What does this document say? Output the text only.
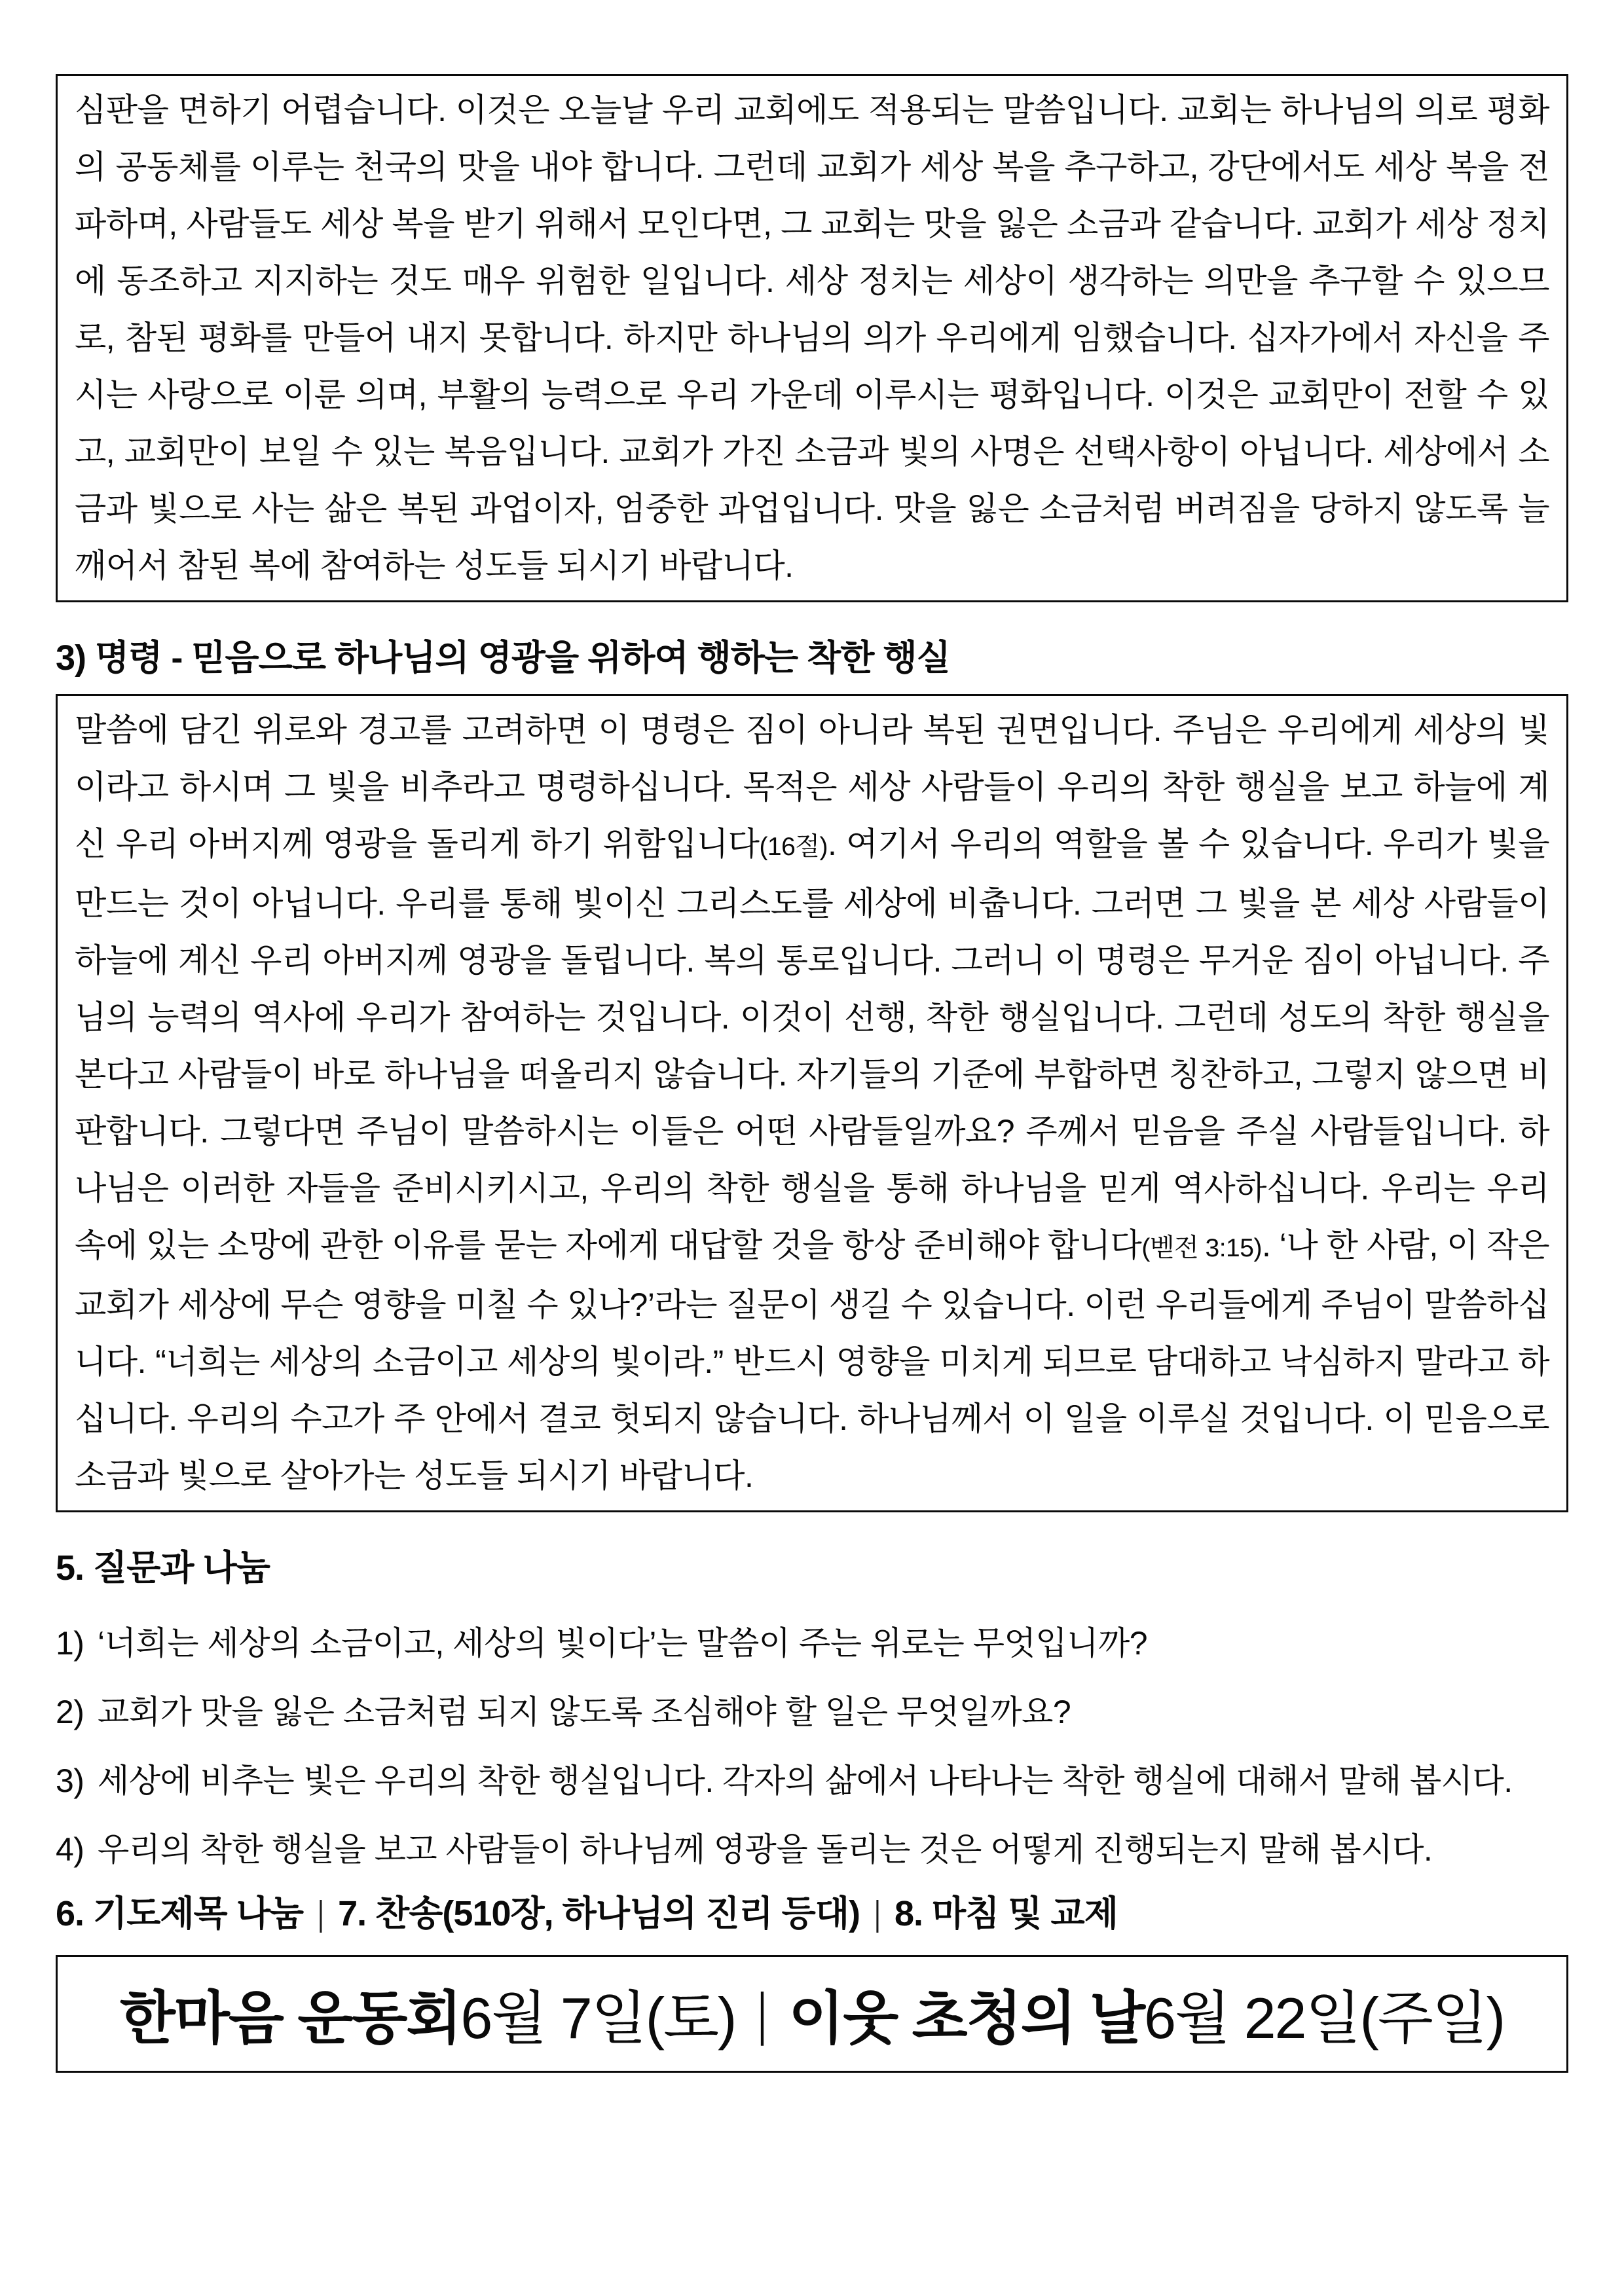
심판을 면하기 어렵습니다. 이것은 오늘날 우리 교회에도 적용되는 말씀입니다. 교회는 하나님의 의로 평화의 공동체를 이루는 천국의 맛을 내야 합니다. 그런데 교회가 세상 복을 추구하고, 강단에서도 세상 복을 전파하며, 사람들도 세상 복을 받기 위해서 모인다면, 그 교회는 맛을 잃은 소금과 같습니다. 교회가 세상 정치에 동조하고 지지하는 것도 매우 위험한 일입니다. 세상 정치는 세상이 생각하는 의만을 추구할 수 있으므로, 참된 평화를 만들어 내지 못합니다. 하지만 하나님의 의가 우리에게 임했습니다. 십자가에서 자신을 주시는 사랑으로 이룬 의며, 부활의 능력으로 우리 가운데 이루시는 평화입니다. 이것은 교회만이 전할 수 있고, 교회만이 보일 수 있는 복음입니다. 교회가 가진 소금과 빛의 사명은 선택사항이 아닙니다. 세상에서 소금과 빛으로 사는 삶은 복된 과업이자, 엄중한 과업입니다. 맛을 잃은 소금처럼 버려짐을 당하지 않도록 늘 깨어서 참된 복에 참여하는 성도들 되시기 바랍니다.

3) 명령 - 믿음으로 하나님의 영광을 위하여 행하는 착한 행실

말씀에 담긴 위로와 경고를 고려하면 이 명령은 짐이 아니라 복된 권면입니다. 주님은 우리에게 세상의 빛이라고 하시며 그 빛을 비추라고 명령하십니다. 목적은 세상 사람들이 우리의 착한 행실을 보고 하늘에 계신 우리 아버지께 영광을 돌리게 하기 위함입니다(16절). 여기서 우리의 역할을 볼 수 있습니다. 우리가 빛을 만드는 것이 아닙니다. 우리를 통해 빛이신 그리스도를 세상에 비춥니다. 그러면 그 빛을 본 세상 사람들이 하늘에 계신 우리 아버지께 영광을 돌립니다. 복의 통로입니다. 그러니 이 명령은 무거운 짐이 아닙니다. 주님의 능력의 역사에 우리가 참여하는 것입니다. 이것이 선행, 착한 행실입니다. 그런데 성도의 착한 행실을 본다고 사람들이 바로 하나님을 떠올리지 않습니다. 자기들의 기준에 부합하면 칭찬하고, 그렇지 않으면 비판합니다. 그렇다면 주님이 말씀하시는 이들은 어떤 사람들일까요? 주께서 믿음을 주실 사람들입니다. 하나님은 이러한 자들을 준비시키시고, 우리의 착한 행실을 통해 하나님을 믿게 역사하십니다. 우리는 우리 속에 있는 소망에 관한 이유를 묻는 자에게 대답할 것을 항상 준비해야 합니다(벧전 3:15). ‘나 한 사람, 이 작은 교회가 세상에 무슨 영향을 미칠 수 있나?’라는 질문이 생길 수 있습니다. 이런 우리들에게 주님이 말씀하십니다. “너희는 세상의 소금이고 세상의 빛이라.” 반드시 영향을 미치게 되므로 담대하고 낙심하지 말라고 하십니다. 우리의 수고가 주 안에서 결코 헛되지 않습니다. 하나님께서 이 일을 이루실 것입니다. 이 믿음으로 소금과 빛으로 살아가는 성도들 되시기 바랍니다.

5. 질문과 나눔
1) ‘너희는 세상의 소금이고, 세상의 빛이다’는 말씀이 주는 위로는 무엇입니까?
2) 교회가 맛을 잃은 소금처럼 되지 않도록 조심해야 할 일은 무엇일까요?
3) 세상에 비추는 빛은 우리의 착한 행실입니다. 각자의 삶에서 나타나는 착한 행실에 대해서 말해 봅시다.
4) 우리의 착한 행실을 보고 사람들이 하나님께 영광을 돌리는 것은 어떻게 진행되는지 말해 봅시다.
6. 기도제목 나눔 | 7. 찬송(510장, 하나님의 진리 등대) | 8. 마침 및 교제
한마음 운동회 6월 7일(토) | 이웃 초청의 날 6월 22일(주일)
